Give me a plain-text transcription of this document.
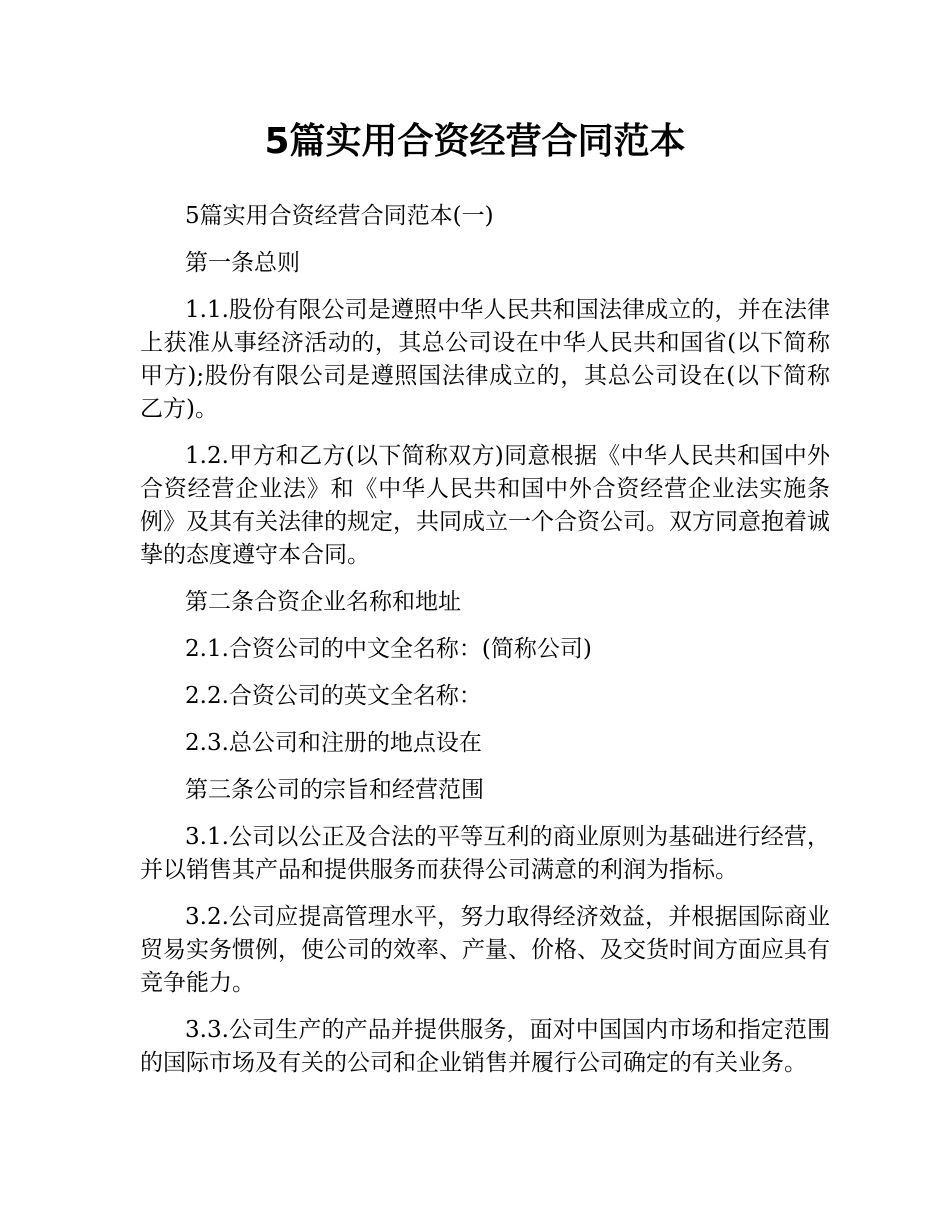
5篇实用合资经营合同范本

5篇实用合资经营合同范本(一)

第一条总则

1.1.股份有限公司是遵照中华人民共和国法律成立的，并在法律上获准从事经济活动的，其总公司设在中华人民共和国省(以下简称甲方);股份有限公司是遵照国法律成立的，其总公司设在(以下简称乙方)。

1.2.甲方和乙方(以下简称双方)同意根据《中华人民共和国中外合资经营企业法》和《中华人民共和国中外合资经营企业法实施条例》及其有关法律的规定，共同成立一个合资公司。双方同意抱着诚挚的态度遵守本合同。

第二条合资企业名称和地址

2.1.合资公司的中文全名称：(简称公司)

2.2.合资公司的英文全名称：

2.3.总公司和注册的地点设在

第三条公司的宗旨和经营范围

3.1.公司以公正及合法的平等互利的商业原则为基础进行经营，并以销售其产品和提供服务而获得公司满意的利润为指标。

3.2.公司应提高管理水平，努力取得经济效益，并根据国际商业贸易实务惯例，使公司的效率、产量、价格、及交货时间方面应具有竞争能力。

3.3.公司生产的产品并提供服务，面对中国国内市场和指定范围的国际市场及有关的公司和企业销售并履行公司确定的有关业务。
